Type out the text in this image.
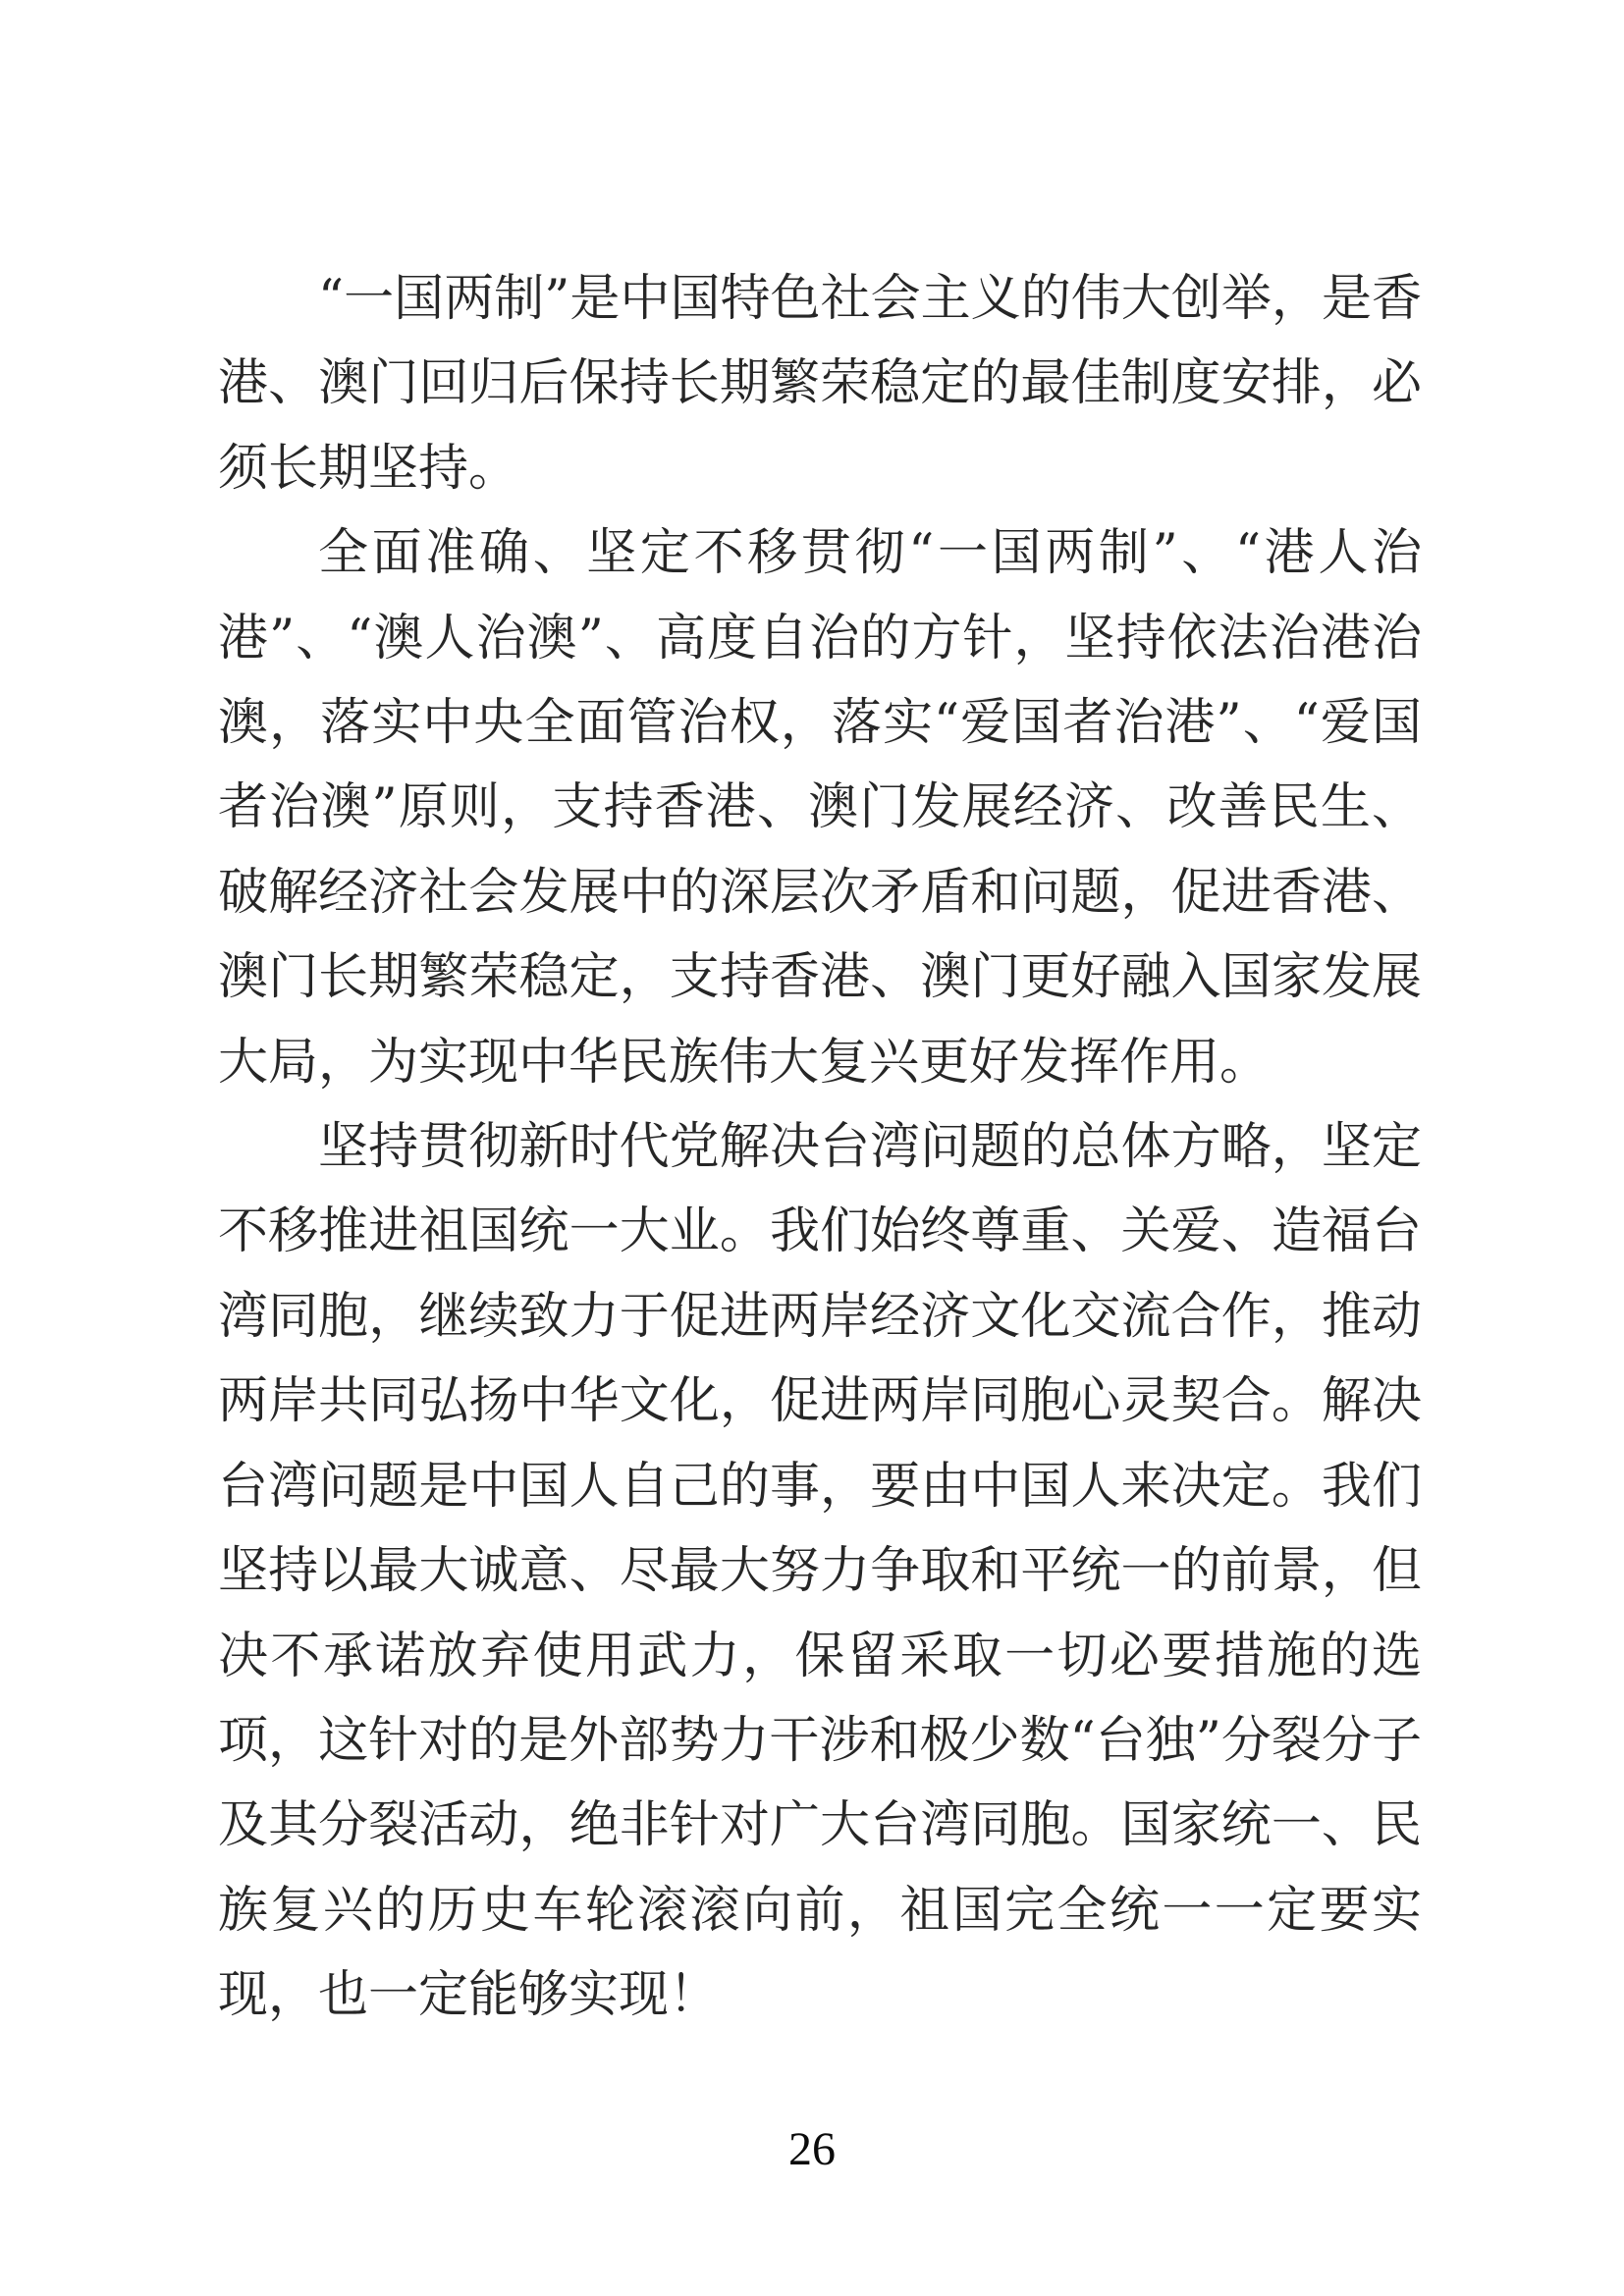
“一国两制”是中国特色社会主义的伟大创举，是香港、澳门回归后保持长期繁荣稳定的最佳制度安排，必须长期坚持。

全面准确、坚定不移贯彻“一国两制”、“港人治港”、“澳人治澳”、高度自治的方针，坚持依法治港治澳，落实中央全面管治权，落实“爱国者治港”、“爱国者治澳”原则，支持香港、澳门发展经济、改善民生、破解经济社会发展中的深层次矛盾和问题，促进香港、澳门长期繁荣稳定，支持香港、澳门更好融入国家发展大局，为实现中华民族伟大复兴更好发挥作用。

坚持贯彻新时代党解决台湾问题的总体方略，坚定不移推进祖国统一大业。我们始终尊重、关爱、造福台湾同胞，继续致力于促进两岸经济文化交流合作，推动两岸共同弘扬中华文化，促进两岸同胞心灵契合。解决台湾问题是中国人自己的事，要由中国人来决定。我们坚持以最大诚意、尽最大努力争取和平统一的前景，但决不承诺放弃使用武力，保留采取一切必要措施的选项，这针对的是外部势力干涉和极少数“台独”分裂分子及其分裂活动，绝非针对广大台湾同胞。国家统一、民族复兴的历史车轮滚滚向前，祖国完全统一一定要实现，也一定能够实现！

26
